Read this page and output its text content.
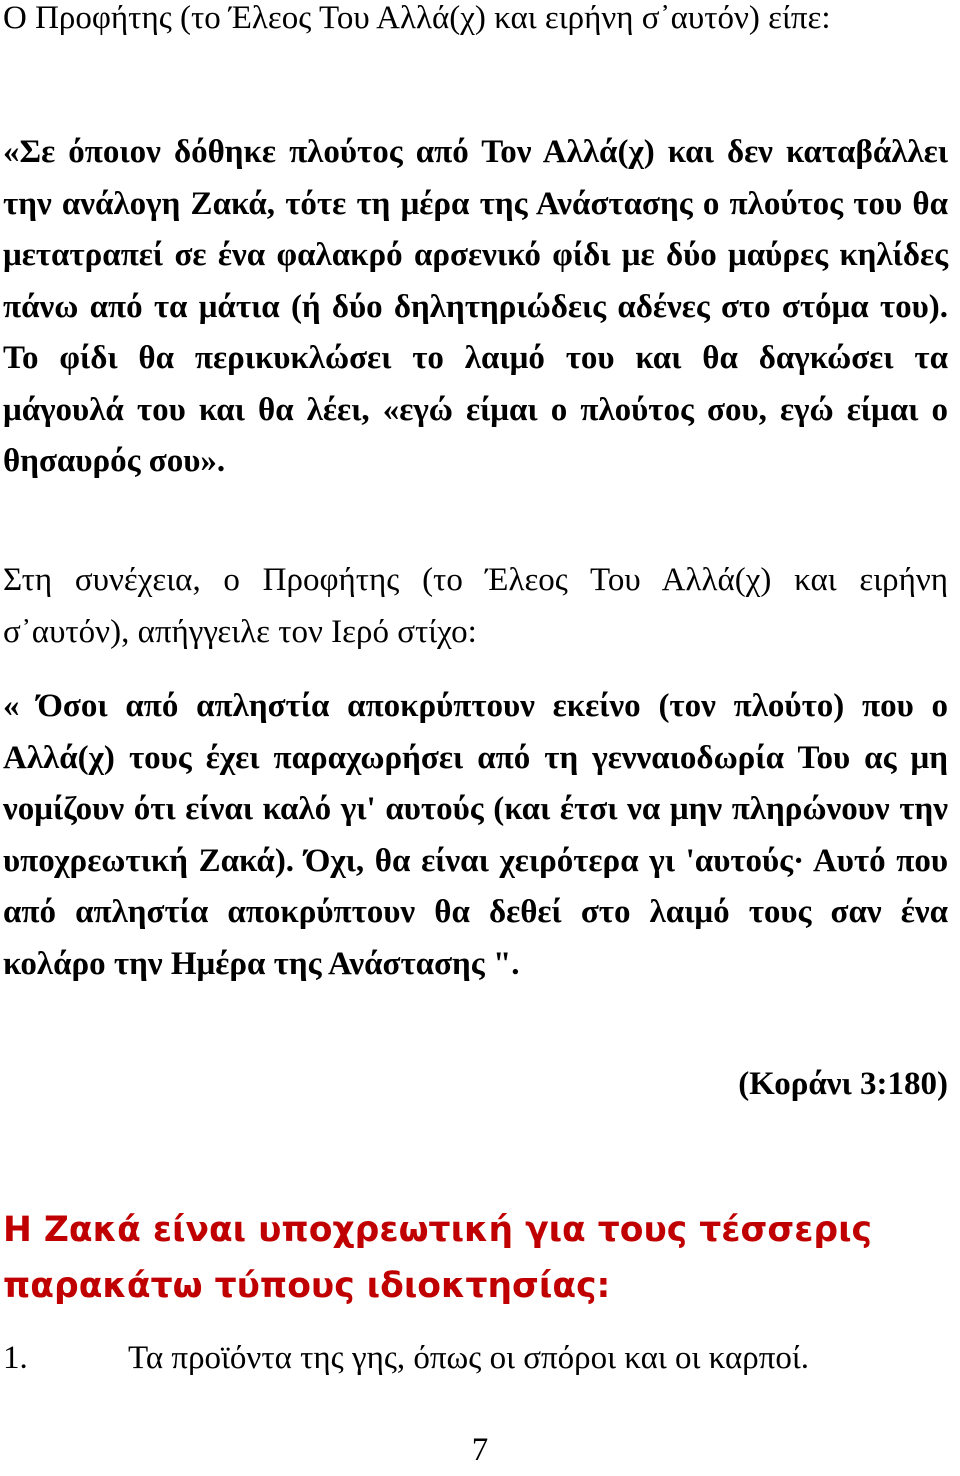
Ο Προφήτης (το Έλεος Του Αλλά(χ) και ειρήνη σ᾽αυτόν) είπε:

«Σε όποιον δόθηκε πλούτος από Τον Αλλά(χ) και δεν καταβάλλει την ανάλογη Ζακά, τότε τη μέρα της Ανάστασης ο πλούτος του θα μετατραπεί σε ένα φαλακρό αρσενικό φίδι με δύο μαύρες κηλίδες πάνω από τα μάτια (ή δύο δηλητηριώδεις αδένες στο στόμα του). Το φίδι θα περικυκλώσει το λαιμό του και θα δαγκώσει τα μάγουλά του και θα λέει, «εγώ είμαι ο πλούτος σου, εγώ είμαι ο θησαυρός σου».

Στη συνέχεια, ο Προφήτης (το Έλεος Του Αλλά(χ) και ειρήνη σ᾽αυτόν), απήγγειλε τον Ιερό στίχο:

« Όσοι από απληστία αποκρύπτουν εκείνο (τον πλούτο) που ο Αλλά(χ) τους έχει παραχωρήσει από τη γενναιοδωρία Του ας μη νομίζουν ότι είναι καλό γι' αυτούς (και έτσι να μην πληρώνουν την υποχρεωτική Ζακά). Όχι, θα είναι χειρότερα γι 'αυτούς· Αυτό που από απληστία αποκρύπτουν θα δεθεί στο λαιμό τους σαν ένα κολάρο την Ημέρα της Ανάστασης ".

(Κοράνι 3:180)

Η Ζακά είναι υποχρεωτική για τους τέσσερις παρακάτω τύπους ιδιοκτησίας:
1.	Τα προϊόντα της γης, όπως οι σπόροι και οι καρποί.
7
